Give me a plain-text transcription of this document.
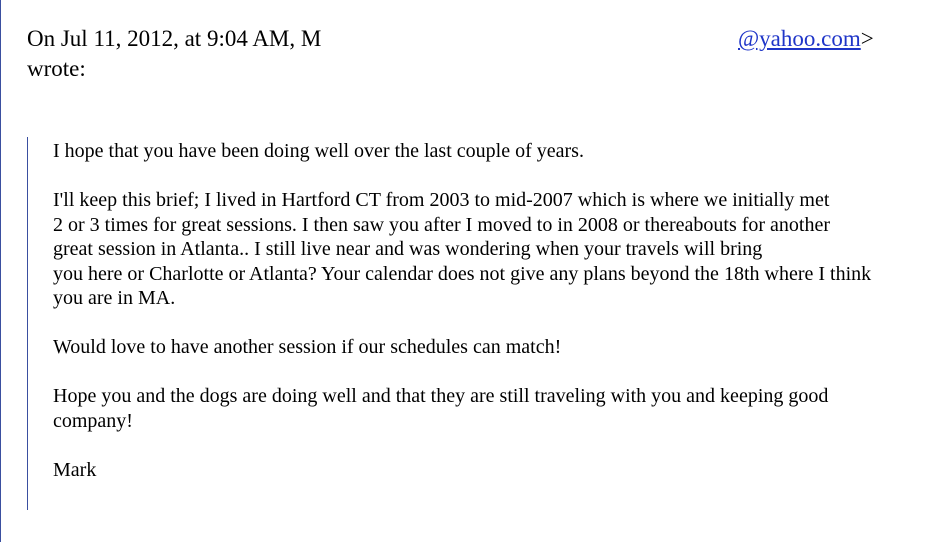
On Jul 11, 2012, at 9:04 AM, M	@yahoo.com>
wrote:

I hope that you have been doing well over the last couple of years.

I'll keep this brief; I lived in Hartford CT from 2003 to mid-2007 which is where we initially met
2 or 3 times for great sessions. I then saw you after I moved to in 2008 or thereabouts for another
great session in Atlanta.. I still live near and was wondering when your travels will bring
you here or Charlotte or Atlanta? Your calendar does not give any plans beyond the 18th where I think
you are in MA.

Would love to have another session if our schedules can match!

Hope you and the dogs are doing well and that they are still traveling with you and keeping good
company!

Mark
